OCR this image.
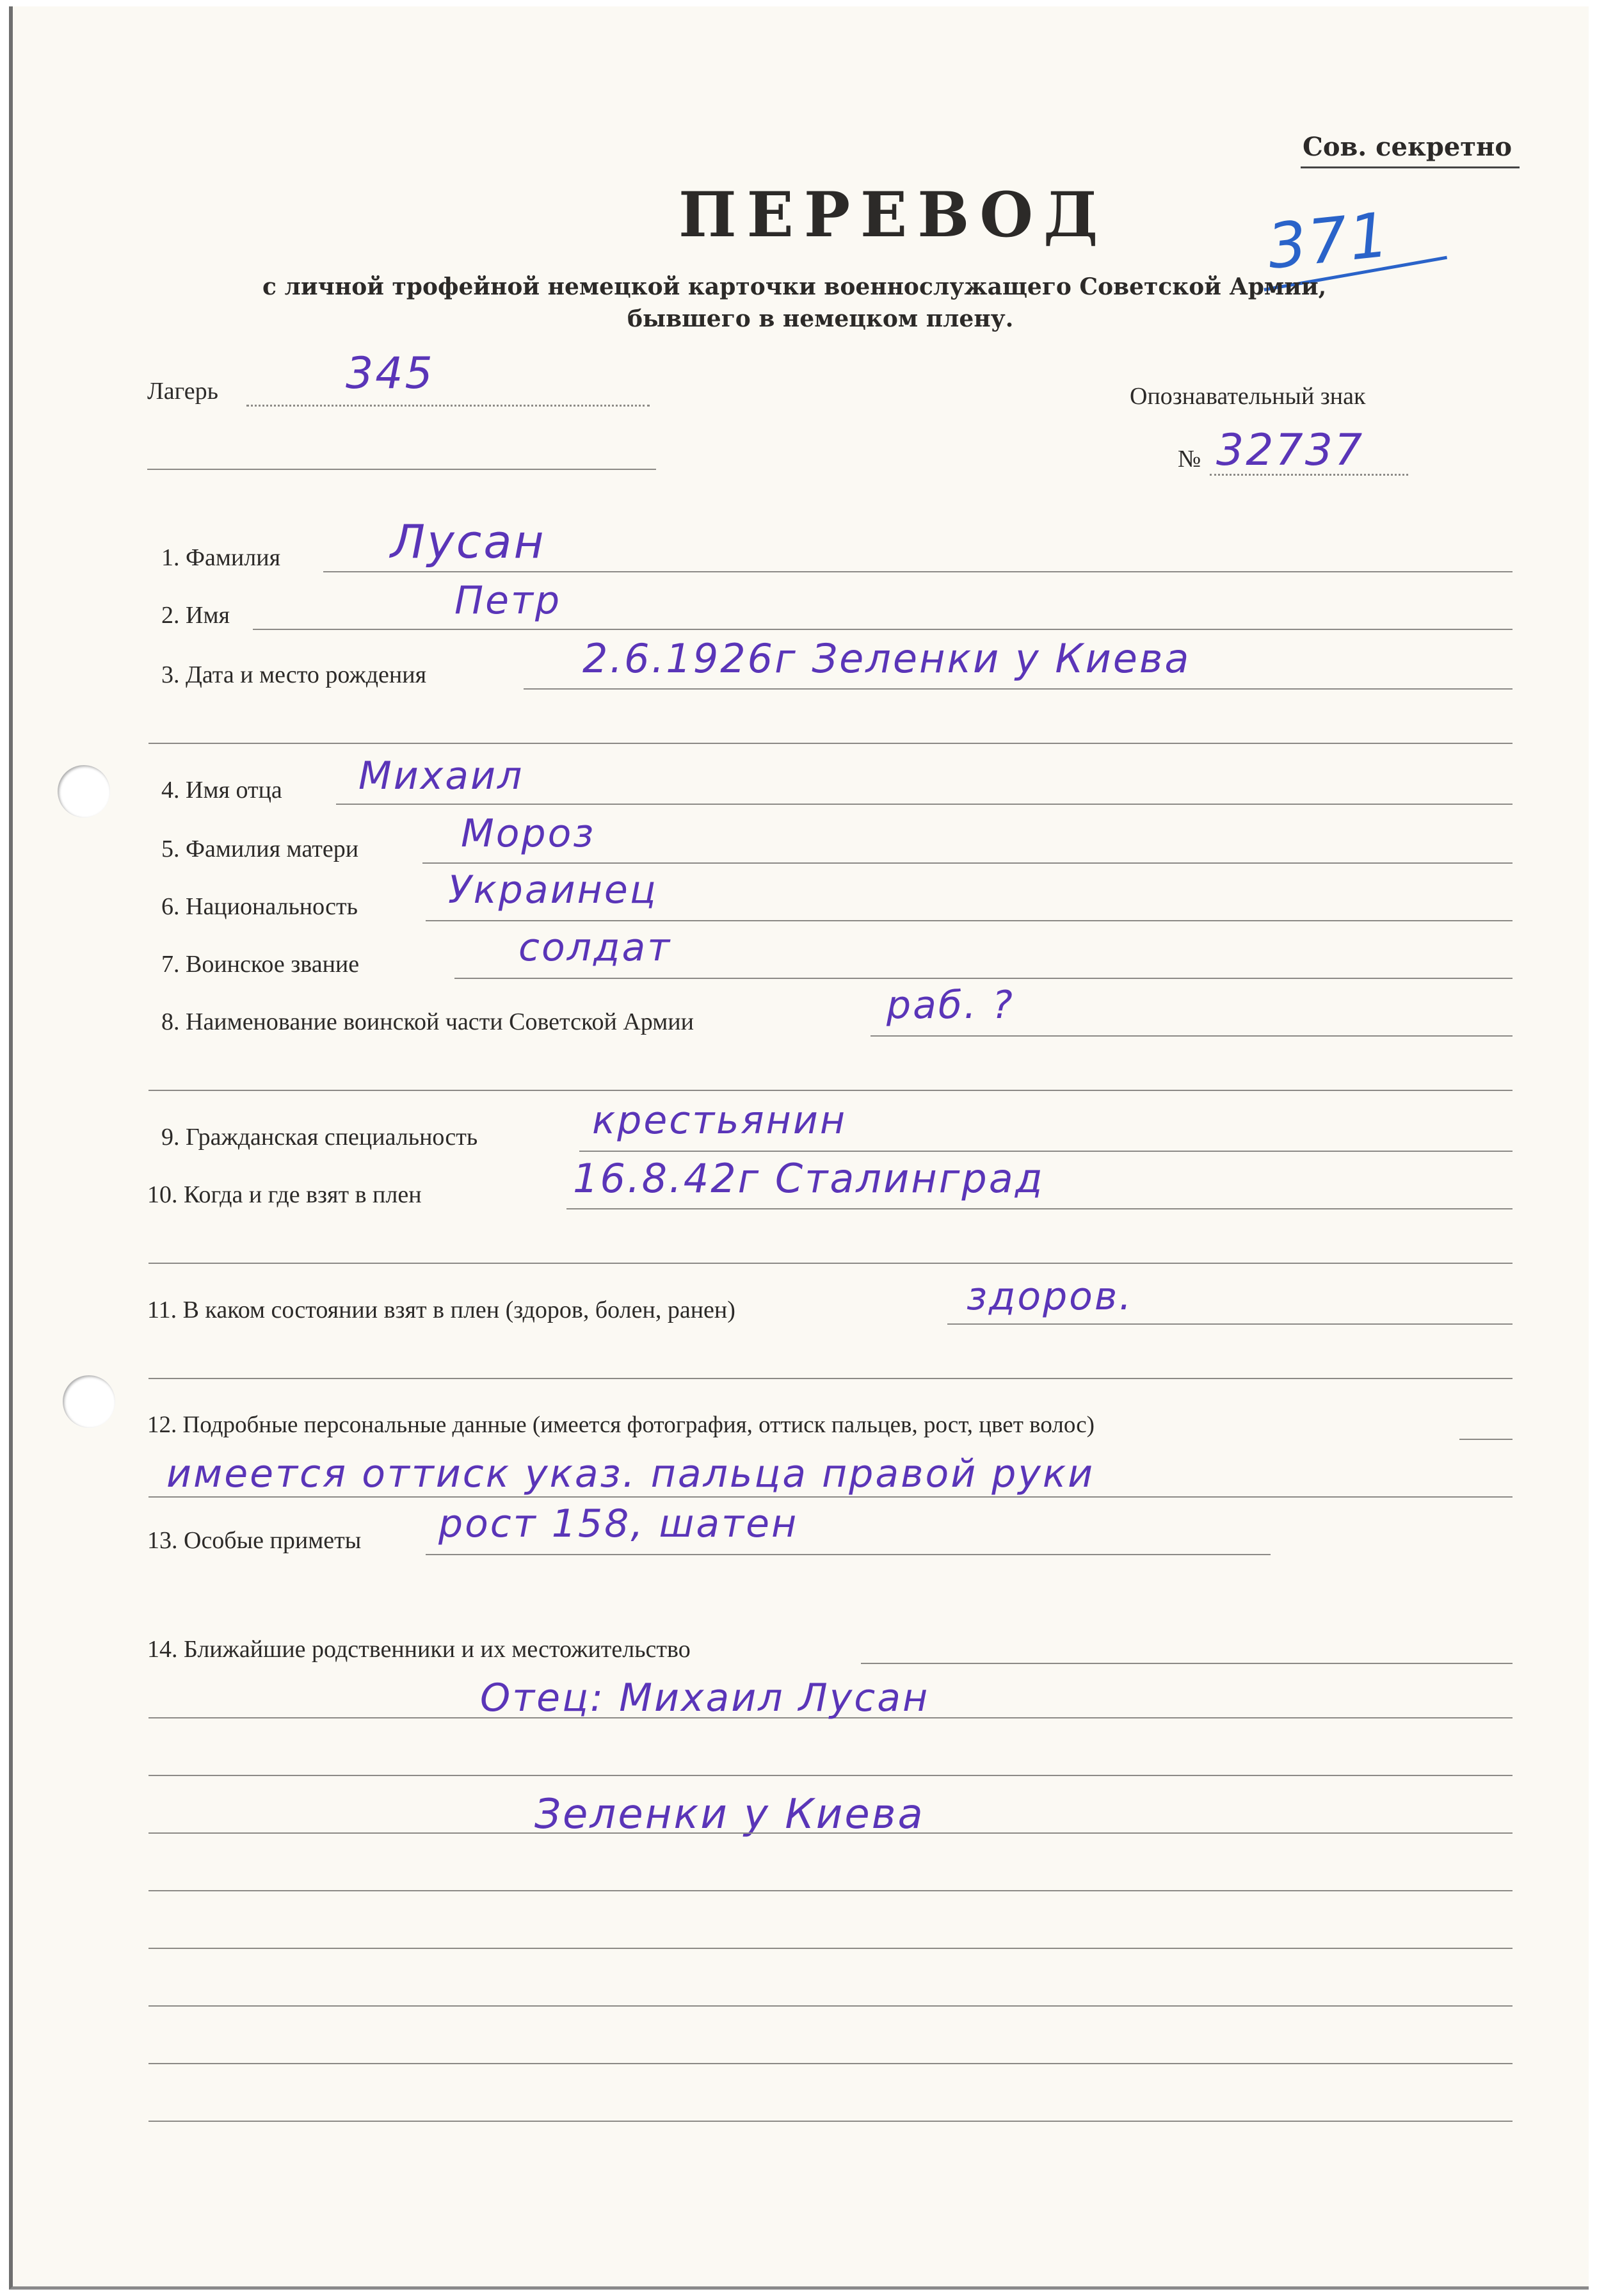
Сов. секретно
ПЕРЕВОД	371
с личной трофейной немецкой карточки военнослужащего Советской Армии,
бывшего в немецком плену.
Лагерь	345	Опознавательный знак
№ 32737
1. Фамилия Лусан
2. Имя	Петр
3. Дата и место рождения	2.6.1926г Зеленки у Киева
4. Имя отца Михаил
5. Фамилия матери	Мороз
6. Национальность Украинец
7. Воинское звание	солдат
8. Наименование воинской части Советской Армии	раб. ?
9. Гражданская специальность	крестьянин
10. Когда и где взят в плен	16.8.42г Сталинград
11. В каком состоянии взят в плен (здоров, болен, ранен)	здоров.
12. Подробные персональные данные (имеется фотография, оттиск пальцев, рост, цвет волос)
имеется оттиск указ. пальца правой руки
13. Особые приметы рост 158, шатен
14. Ближайшие родственники и их местожительство
Отец: Михаил Лусан
Зеленки у Киева
